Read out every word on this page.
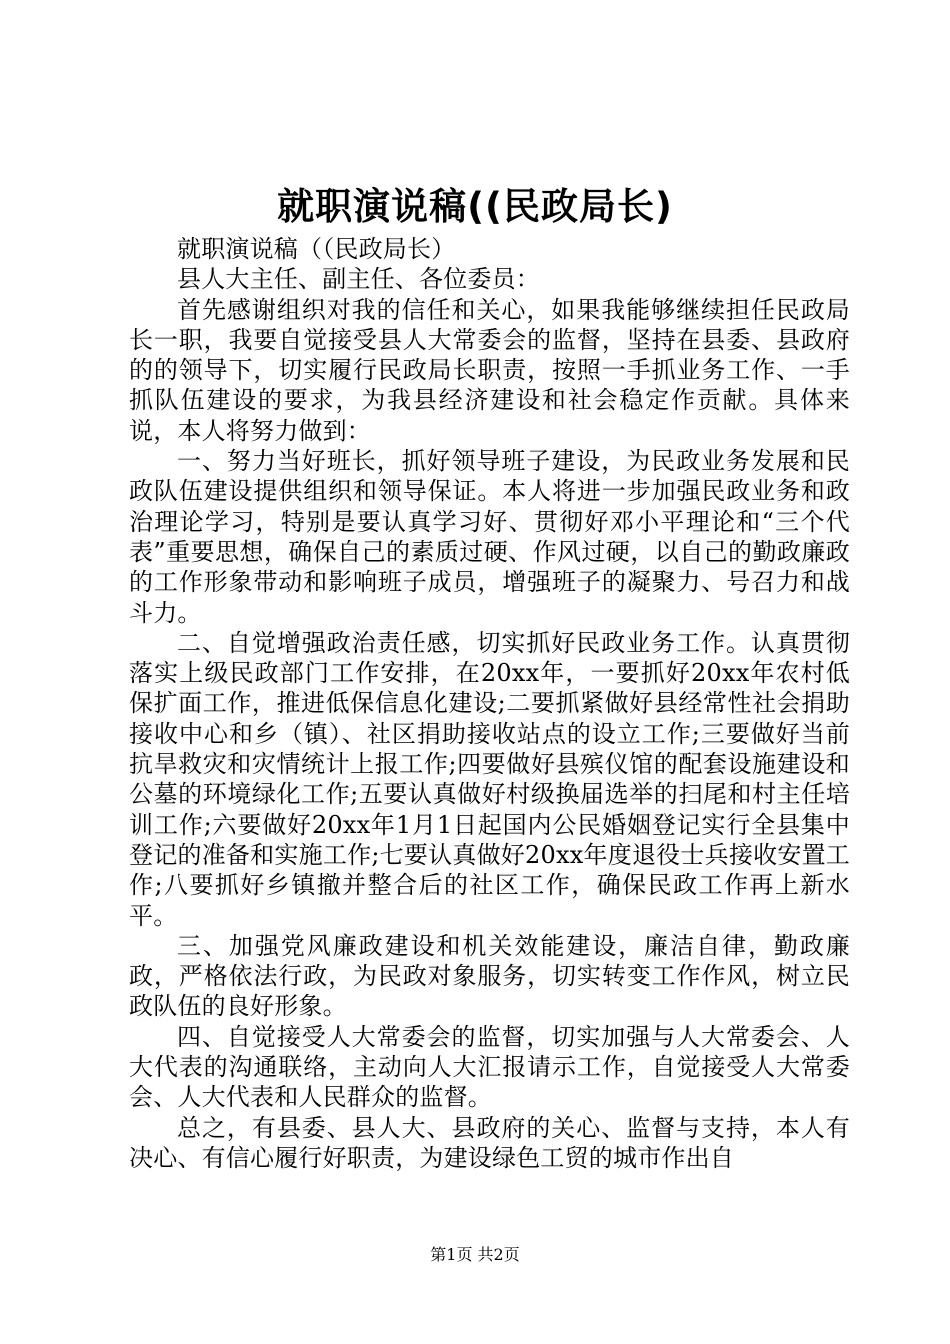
就职演说稿((民政局长)

就职演说稿（（民政局长）

县人大主任、副主任、各位委员：

首先感谢组织对我的信任和关心，如果我能够继续担任民政局长一职，我要自觉接受县人大常委会的监督，坚持在县委、县政府的的领导下，切实履行民政局长职责，按照一手抓业务工作、一手抓队伍建设的要求，为我县经济建设和社会稳定作贡献。具体来说，本人将努力做到：

一、努力当好班长，抓好领导班子建设，为民政业务发展和民政队伍建设提供组织和领导保证。本人将进一步加强民政业务和政治理论学习，特别是要认真学习好、贯彻好邓小平理论和“三个代表”重要思想，确保自己的素质过硬、作风过硬，以自己的勤政廉政的工作形象带动和影响班子成员，增强班子的凝聚力、号召力和战斗力。

二、自觉增强政治责任感，切实抓好民政业务工作。认真贯彻落实上级民政部门工作安排，在20xx年，一要抓好20xx年农村低保扩面工作，推进低保信息化建设;二要抓紧做好县经常性社会捐助接收中心和乡（镇）、社区捐助接收站点的设立工作;三要做好当前抗旱救灾和灾情统计上报工作;四要做好县殡仪馆的配套设施建设和公墓的环境绿化工作;五要认真做好村级换届选举的扫尾和村主任培训工作;六要做好20xx年1月1日起国内公民婚姻登记实行全县集中登记的准备和实施工作;七要认真做好20xx年度退役士兵接收安置工作;八要抓好乡镇撤并整合后的社区工作，确保民政工作再上新水平。

三、加强党风廉政建设和机关效能建设，廉洁自律，勤政廉政，严格依法行政，为民政对象服务，切实转变工作作风，树立民政队伍的良好形象。

四、自觉接受人大常委会的监督，切实加强与人大常委会、人大代表的沟通联络，主动向人大汇报请示工作，自觉接受人大常委会、人大代表和人民群众的监督。

总之，有县委、县人大、县政府的关心、监督与支持，本人有决心、有信心履行好职责，为建设绿色工贸的城市作出自

第1页 共2页
